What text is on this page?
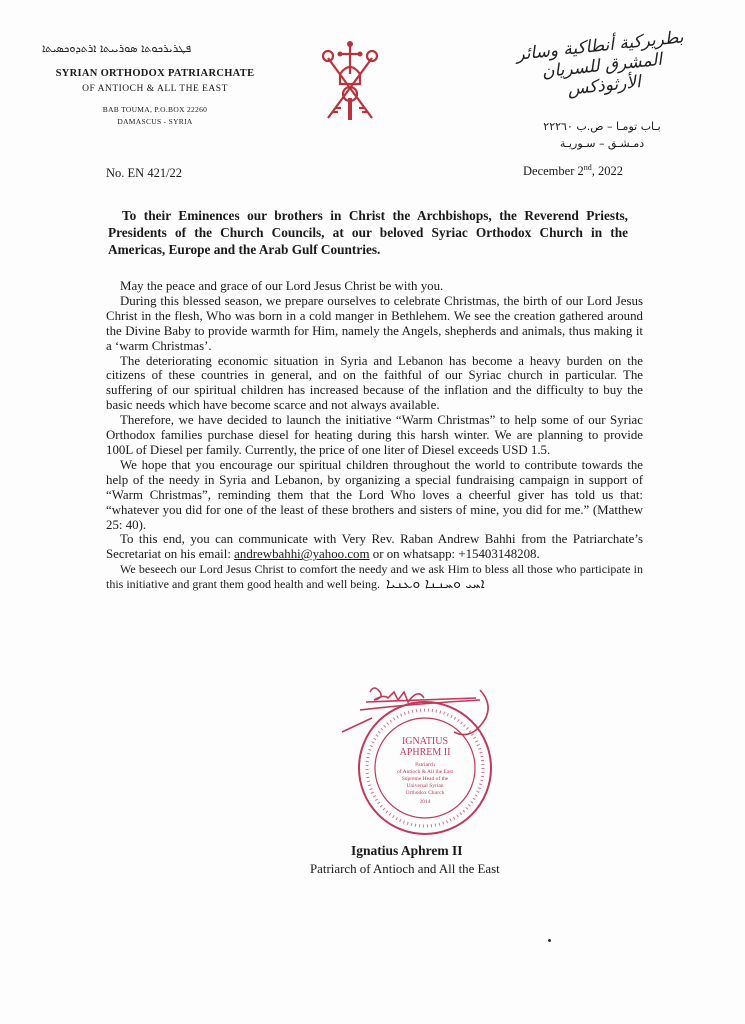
ܦܛܪܝܪܟܘܬܐ ܣܘܪܝܝܬܐ ܐܪܬܕܘܟܣܝܬܐ
SYRIAN ORTHODOX PATRIARCHATE
OF ANTIOCH & ALL THE EAST
BAB TOUMA, P.O.BOX 22260
DAMASCUS - SYRIA
بطريركية أنطاكية وسائر المشرق للسريان الأرثوذكس
بـاب تومـا – ص.ب ٢٢٢٦٠
دمـشـق – سـوريـة
No. EN 421/22	December 2nd, 2022
To their Eminences our brothers in Christ the Archbishops, the Reverend Priests, Presidents of the Church Councils, at our beloved Syriac Orthodox Church in the Americas, Europe and the Arab Gulf Countries.

May the peace and grace of our Lord Jesus Christ be with you.

During this blessed season, we prepare ourselves to celebrate Christmas, the birth of our Lord Jesus Christ in the flesh, Who was born in a cold manger in Bethlehem. We see the creation gathered around the Divine Baby to provide warmth for Him, namely the Angels, shepherds and animals, thus making it a ‘warm Christmas’.

The deteriorating economic situation in Syria and Lebanon has become a heavy burden on the citizens of these countries in general, and on the faithful of our Syriac church in particular. The suffering of our spiritual children has increased because of the inflation and the difficulty to buy the basic needs which have become scarce and not always available.

Therefore, we have decided to launch the initiative “Warm Christmas” to help some of our Syriac Orthodox families purchase diesel for heating during this harsh winter. We are planning to provide 100L of Diesel per family. Currently, the price of one liter of Diesel exceeds USD 1.5.

We hope that you encourage our spiritual children throughout the world to contribute towards the help of the needy in Syria and Lebanon, by organizing a special fundraising campaign in support of “Warm Christmas”, reminding them that the Lord Who loves a cheerful giver has told us that: “whatever you did for one of the least of these brothers and sisters of mine, you did for me.” (Matthew 25: 40).

To this end, you can communicate with Very Rev. Raban Andrew Bahhi from the Patriarchate’s Secretariat on his email: andrewbahhi@yahoo.com or on whatsapp: +15403148208.

We beseech our Lord Jesus Christ to comfort the needy and we ask Him to bless all those who participate in this initiative and grant them good health and well being. ܐܚܝ ܘܚܢܢܐ ܘܥܢܝܐ

IGNATIUS
APHREM II
Patriarch
of Antioch & All the East
Supreme Head of the
Universal Syrian
Orthodox Church
2014
Ignatius Aphrem II
Patriarch of Antioch and All the East
